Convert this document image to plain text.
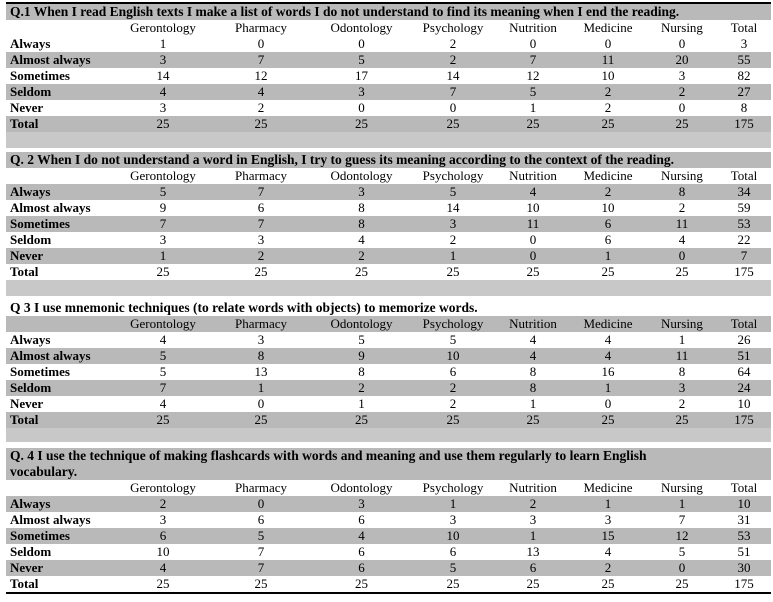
Q.1 When I read English texts I make a list of words I do not understand to find its meaning when I end the reading.
	Gerontology	Pharmacy	Odontology	Psychology	Nutrition	Medicine	Nursing	Total
Always	1	0	0	2	0	0	0	3
Almost always	3	7	5	2	7	11	20	55
Sometimes	14	12	17	14	12	10	3	82
Seldom	4	4	3	7	5	2	2	27
Never	3	2	0	0	1	2	0	8
Total	25	25	25	25	25	25	25	175
Q. 2 When I do not understand a word in English, I try to guess its meaning according to the context of the reading.
	Gerontology	Pharmacy	Odontology	Psychology	Nutrition	Medicine	Nursing	Total
Always	5	7	3	5	4	2	8	34
Almost always	9	6	8	14	10	10	2	59
Sometimes	7	7	8	3	11	6	11	53
Seldom	3	3	4	2	0	6	4	22
Never	1	2	2	1	0	1	0	7
Total	25	25	25	25	25	25	25	175
Q 3 I use mnemonic techniques (to relate words with objects) to memorize words.
	Gerontology	Pharmacy	Odontology	Psychology	Nutrition	Medicine	Nursing	Total
Always	4	3	5	5	4	4	1	26
Almost always	5	8	9	10	4	4	11	51
Sometimes	5	13	8	6	8	16	8	64
Seldom	7	1	2	2	8	1	3	24
Never	4	0	1	2	1	0	2	10
Total	25	25	25	25	25	25	25	175
Q. 4 I use the technique of making flashcards with words and meaning and use them regularly to learn English
vocabulary.
	Gerontology	Pharmacy	Odontology	Psychology	Nutrition	Medicine	Nursing	Total
Always	2	0	3	1	2	1	1	10
Almost always	3	6	6	3	3	3	7	31
Sometimes	6	5	4	10	1	15	12	53
Seldom	10	7	6	6	13	4	5	51
Never	4	7	6	5	6	2	0	30
Total	25	25	25	25	25	25	25	175
